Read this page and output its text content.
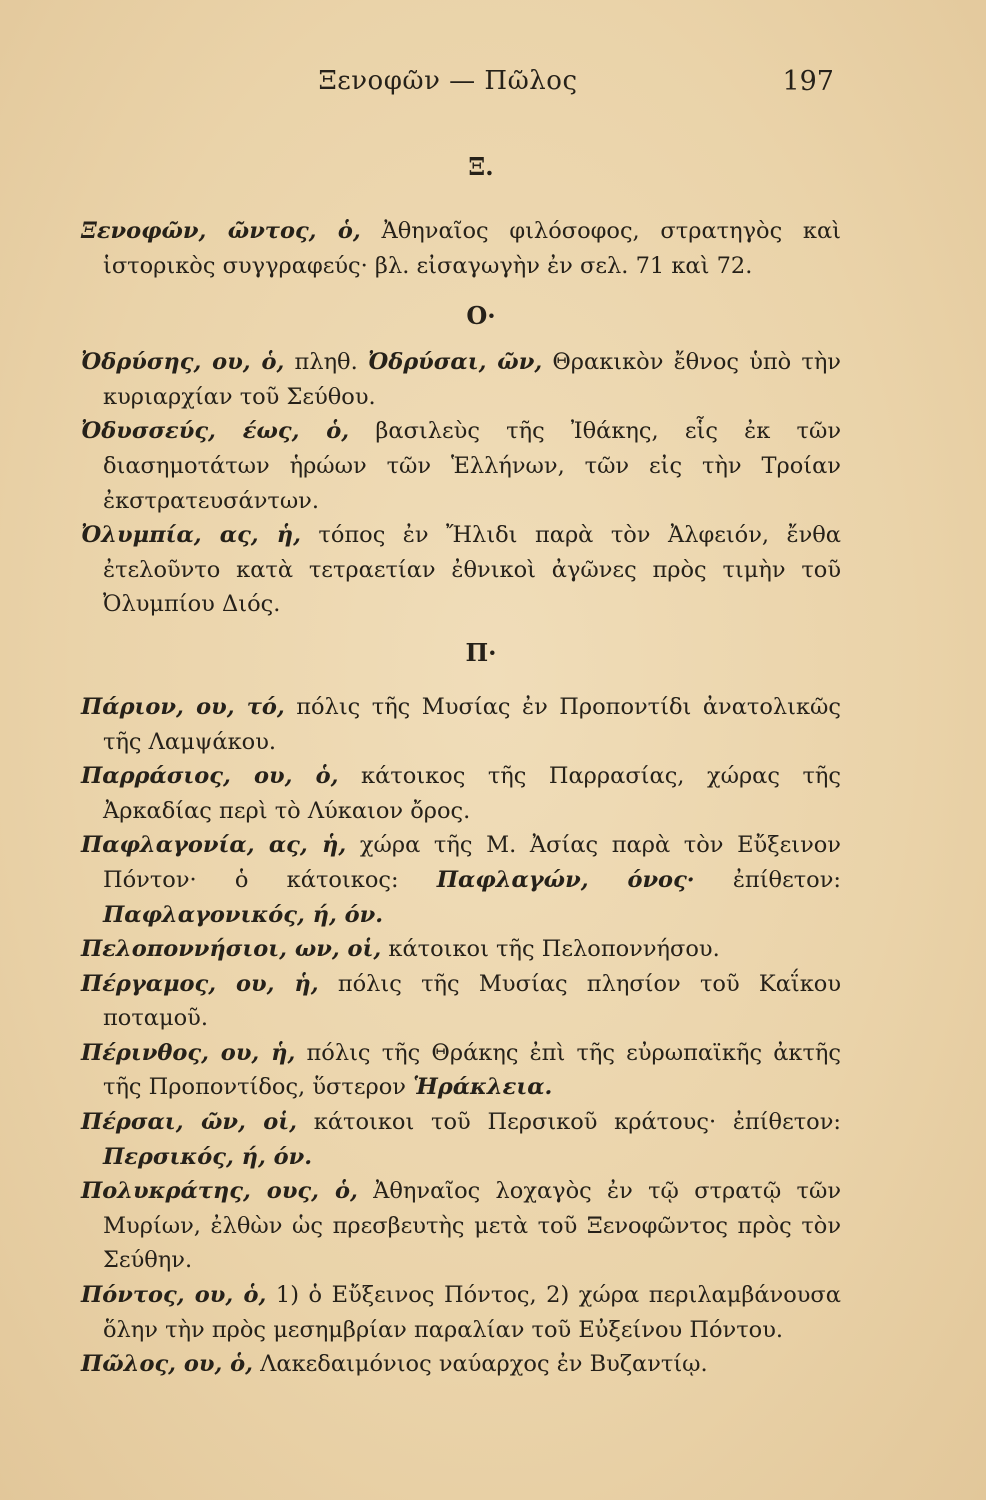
Ξενοφῶν — Πῶλος	197
Ξ.

Ξενοφῶν, ῶντος, ὁ, Ἀθηναῖος φιλόσοφος, στρατηγὸς καὶ ἱστορικὸς συγγραφεύς· βλ. εἰσαγωγὴν ἐν σελ. 71 καὶ 72.

Ο·

Ὀδρύσης, ου, ὁ, πληθ. Ὀδρύσαι, ῶν, Θρακικὸν ἔθνος ὑπὸ τὴν κυριαρχίαν τοῦ Σεύθου.

Ὀδυσσεύς, έως, ὁ, βασιλεὺς τῆς Ἰθάκης, εἷς ἐκ τῶν διασημοτάτων ἡρώων τῶν Ἑλλήνων, τῶν εἰς τὴν Τροίαν ἐκστρατευσάντων.

Ὀλυμπία, ας, ἡ, τόπος ἐν Ἤλιδι παρὰ τὸν Ἀλφειόν, ἔνθα ἐτελοῦντο κατὰ τετραετίαν ἐθνικοὶ ἀγῶνες πρὸς τιμὴν τοῦ Ὀλυμπίου Διός.

Π·

Πάριον, ου, τό, πόλις τῆς Μυσίας ἐν Προποντίδι ἀνατολικῶς τῆς Λαμψάκου.

Παρράσιος, ου, ὁ, κάτοικος τῆς Παρρασίας, χώρας τῆς Ἀρκαδίας περὶ τὸ Λύκαιον ὄρος.

Παφλαγονία, ας, ἡ, χώρα τῆς Μ. Ἀσίας παρὰ τὸν Εὔξεινον Πόντον· ὁ κάτοικος: Παφλαγών, όνος· ἐπίθετον: Παφλαγονικός, ή, όν.

Πελοποννήσιοι, ων, οἱ, κάτοικοι τῆς Πελοποννήσου.

Πέργαμος, ου, ἡ, πόλις τῆς Μυσίας πλησίον τοῦ Καΐκου ποταμοῦ.

Πέρινθος, ου, ἡ, πόλις τῆς Θράκης ἐπὶ τῆς εὐρωπαϊκῆς ἀκτῆς τῆς Προποντίδος, ὕστερον Ἡράκλεια.

Πέρσαι, ῶν, οἱ, κάτοικοι τοῦ Περσικοῦ κράτους· ἐπίθετον: Περσικός, ή, όν.

Πολυκράτης, ους, ὁ, Ἀθηναῖος λοχαγὸς ἐν τῷ στρατῷ τῶν Μυρίων, ἐλθὼν ὡς πρεσβευτὴς μετὰ τοῦ Ξενοφῶντος πρὸς τὸν Σεύθην.

Πόντος, ου, ὁ, 1) ὁ Εὔξεινος Πόντος, 2) χώρα περιλαμβάνουσα ὅλην τὴν πρὸς μεσημβρίαν παραλίαν τοῦ Εὐξείνου Πόντου.

Πῶλος, ου, ὁ, Λακεδαιμόνιος ναύαρχος ἐν Βυζαντίῳ.
